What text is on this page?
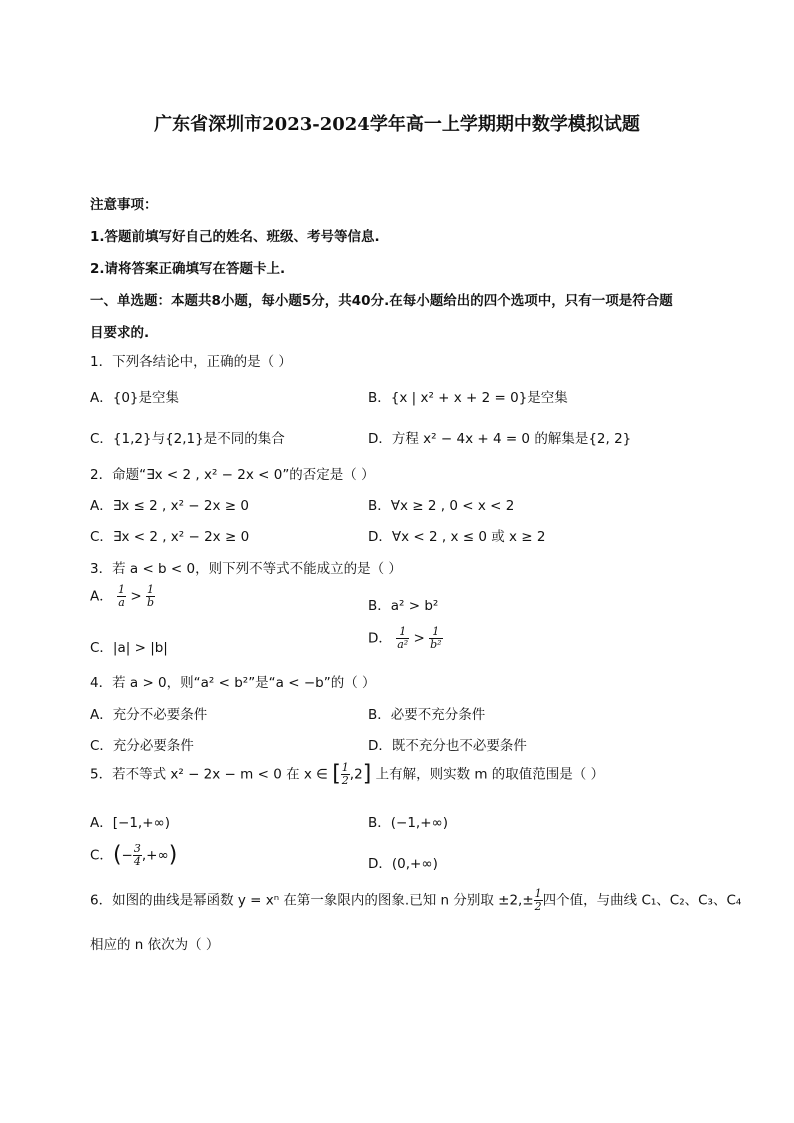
广东省深圳市2023-2024学年高一上学期期中数学模拟试题
注意事项：
1.答题前填写好自己的姓名、班级、考号等信息.
2.请将答案正确填写在答题卡上.
一、单选题：本题共8小题，每小题5分，共40分.在每小题给出的四个选项中，只有一项是符合题
目要求的.
1．下列各结论中，正确的是（ ）
A．{0}是空集	B．{x | x² + x + 2 = 0}是空集
C．{1,2}与{2,1}是不同的集合	D．方程 x² − 4x + 4 = 0 的解集是{2, 2}
2．命题“∃x < 2 , x² − 2x < 0”的否定是（ ）
A．∃x ≤ 2 , x² − 2x ≥ 0	B．∀x ≥ 2 , 0 < x < 2
C．∃x < 2 , x² − 2x ≥ 0	D．∀x < 2 , x ≤ 0 或 x ≥ 2
3．若 a < b < 0，则下列不等式不能成立的是（ ）
A． $\frac{1}{a} > \frac{1}{b}$	B．a² > b²
C．|a| > |b|
D． $\frac{1}{\text{a²}} > \frac{1}{\text{b²}}$
4．若 a > 0，则“a² < b²”是“a < −b”的（ ）
A．充分不必要条件	B．必要不充分条件
C．充分必要条件	D．既不充分也不必要条件
5．若不等式 x² − 2x − m < 0 在 x ∈ [ $\frac{1}{2} ,2$] 上有解，则实数 m 的取值范围是（ ）
A．[−1,+∞)	B．(−1,+∞)
C．(− $\frac{3}{4}$ ,+∞)	D．(0,+∞)
6．如图的曲线是幂函数 y = xⁿ 在第一象限内的图象.已知 n 分别取 $\pm 2,\pm \frac{1}{2}$ 四个值，与曲线 C₁、C₂、C₃、C₄
相应的 n 依次为（ ）
